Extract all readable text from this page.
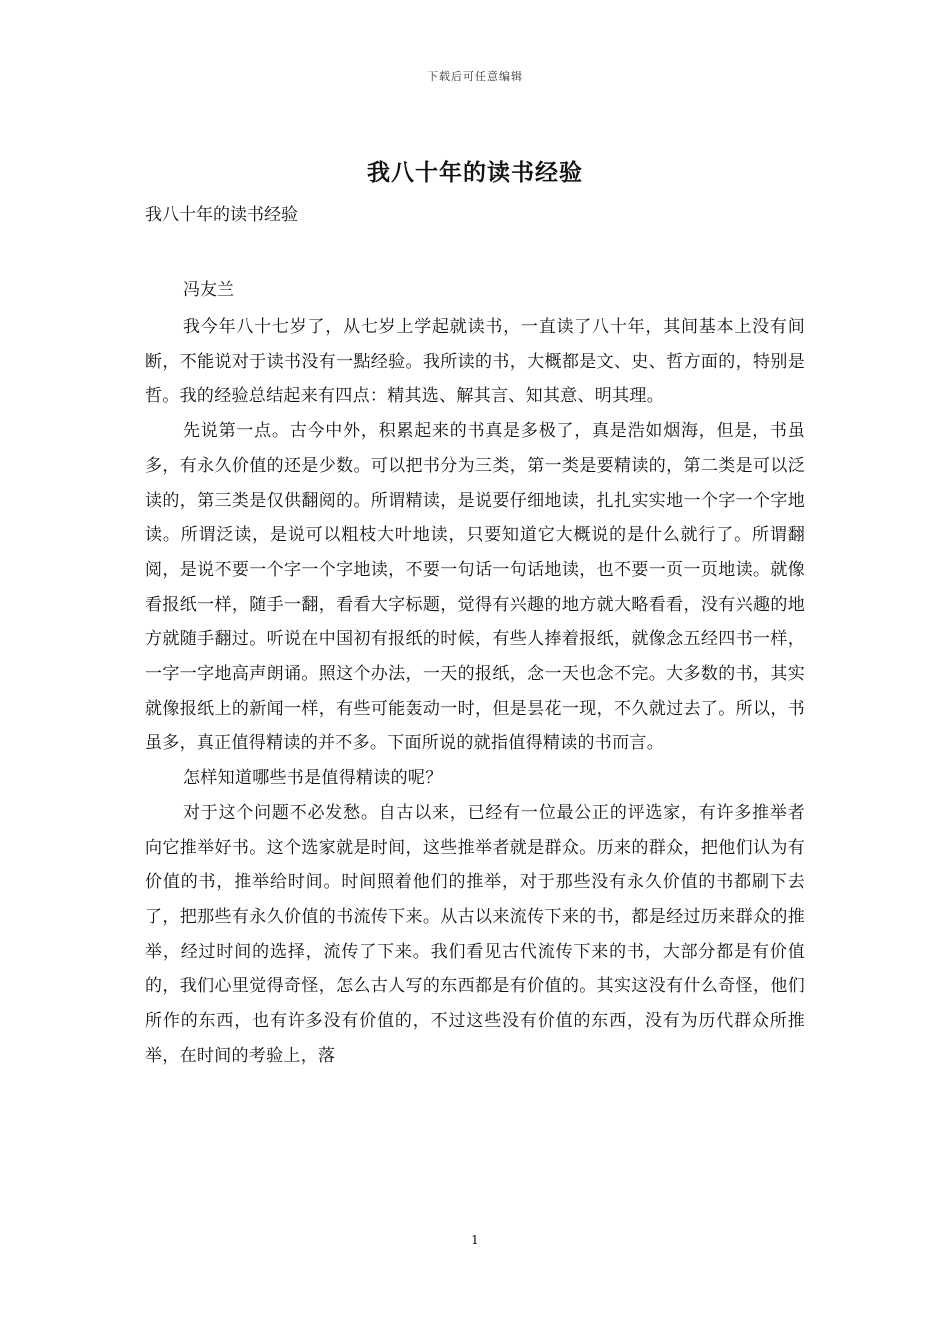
下载后可任意编辑
我八十年的读书经验
我八十年的读书经验
冯友兰

我今年八十七岁了，从七岁上学起就读书，一直读了八十年，其间基本上没有间断，不能说对于读书没有一點经验。我所读的书，大概都是文、史、哲方面的，特别是哲。我的经验总结起来有四点：精其选、解其言、知其意、明其理。

先说第一点。古今中外，积累起来的书真是多极了，真是浩如烟海，但是，书虽多，有永久价值的还是少数。可以把书分为三类，第一类是要精读的，第二类是可以泛读的，第三类是仅供翻阅的。所谓精读，是说要仔细地读，扎扎实实地一个字一个字地读。所谓泛读，是说可以粗枝大叶地读，只要知道它大概说的是什么就行了。所谓翻阅，是说不要一个字一个字地读，不要一句话一句话地读，也不要一页一页地读。就像看报纸一样，随手一翻，看看大字标题，觉得有兴趣的地方就大略看看，没有兴趣的地方就随手翻过。听说在中国初有报纸的时候，有些人捧着报纸，就像念五经四书一样，一字一字地高声朗诵。照这个办法，一天的报纸，念一天也念不完。大多数的书，其实就像报纸上的新闻一样，有些可能轰动一时，但是昙花一现，不久就过去了。所以，书虽多，真正值得精读的并不多。下面所说的就指值得精读的书而言。

怎样知道哪些书是值得精读的呢？

对于这个问题不必发愁。自古以来，已经有一位最公正的评选家，有许多推举者向它推举好书。这个选家就是时间，这些推举者就是群众。历来的群众，把他们认为有价值的书，推举给时间。时间照着他们的推举，对于那些没有永久价值的书都刷下去了，把那些有永久价值的书流传下来。从古以来流传下来的书，都是经过历来群众的推举，经过时间的选择，流传了下来。我们看见古代流传下来的书，大部分都是有价值的，我们心里觉得奇怪，怎么古人写的东西都是有价值的。其实这没有什么奇怪，他们所作的东西，也有许多没有价值的，不过这些没有价值的东西，没有为历代群众所推举，在时间的考验上，落

1
